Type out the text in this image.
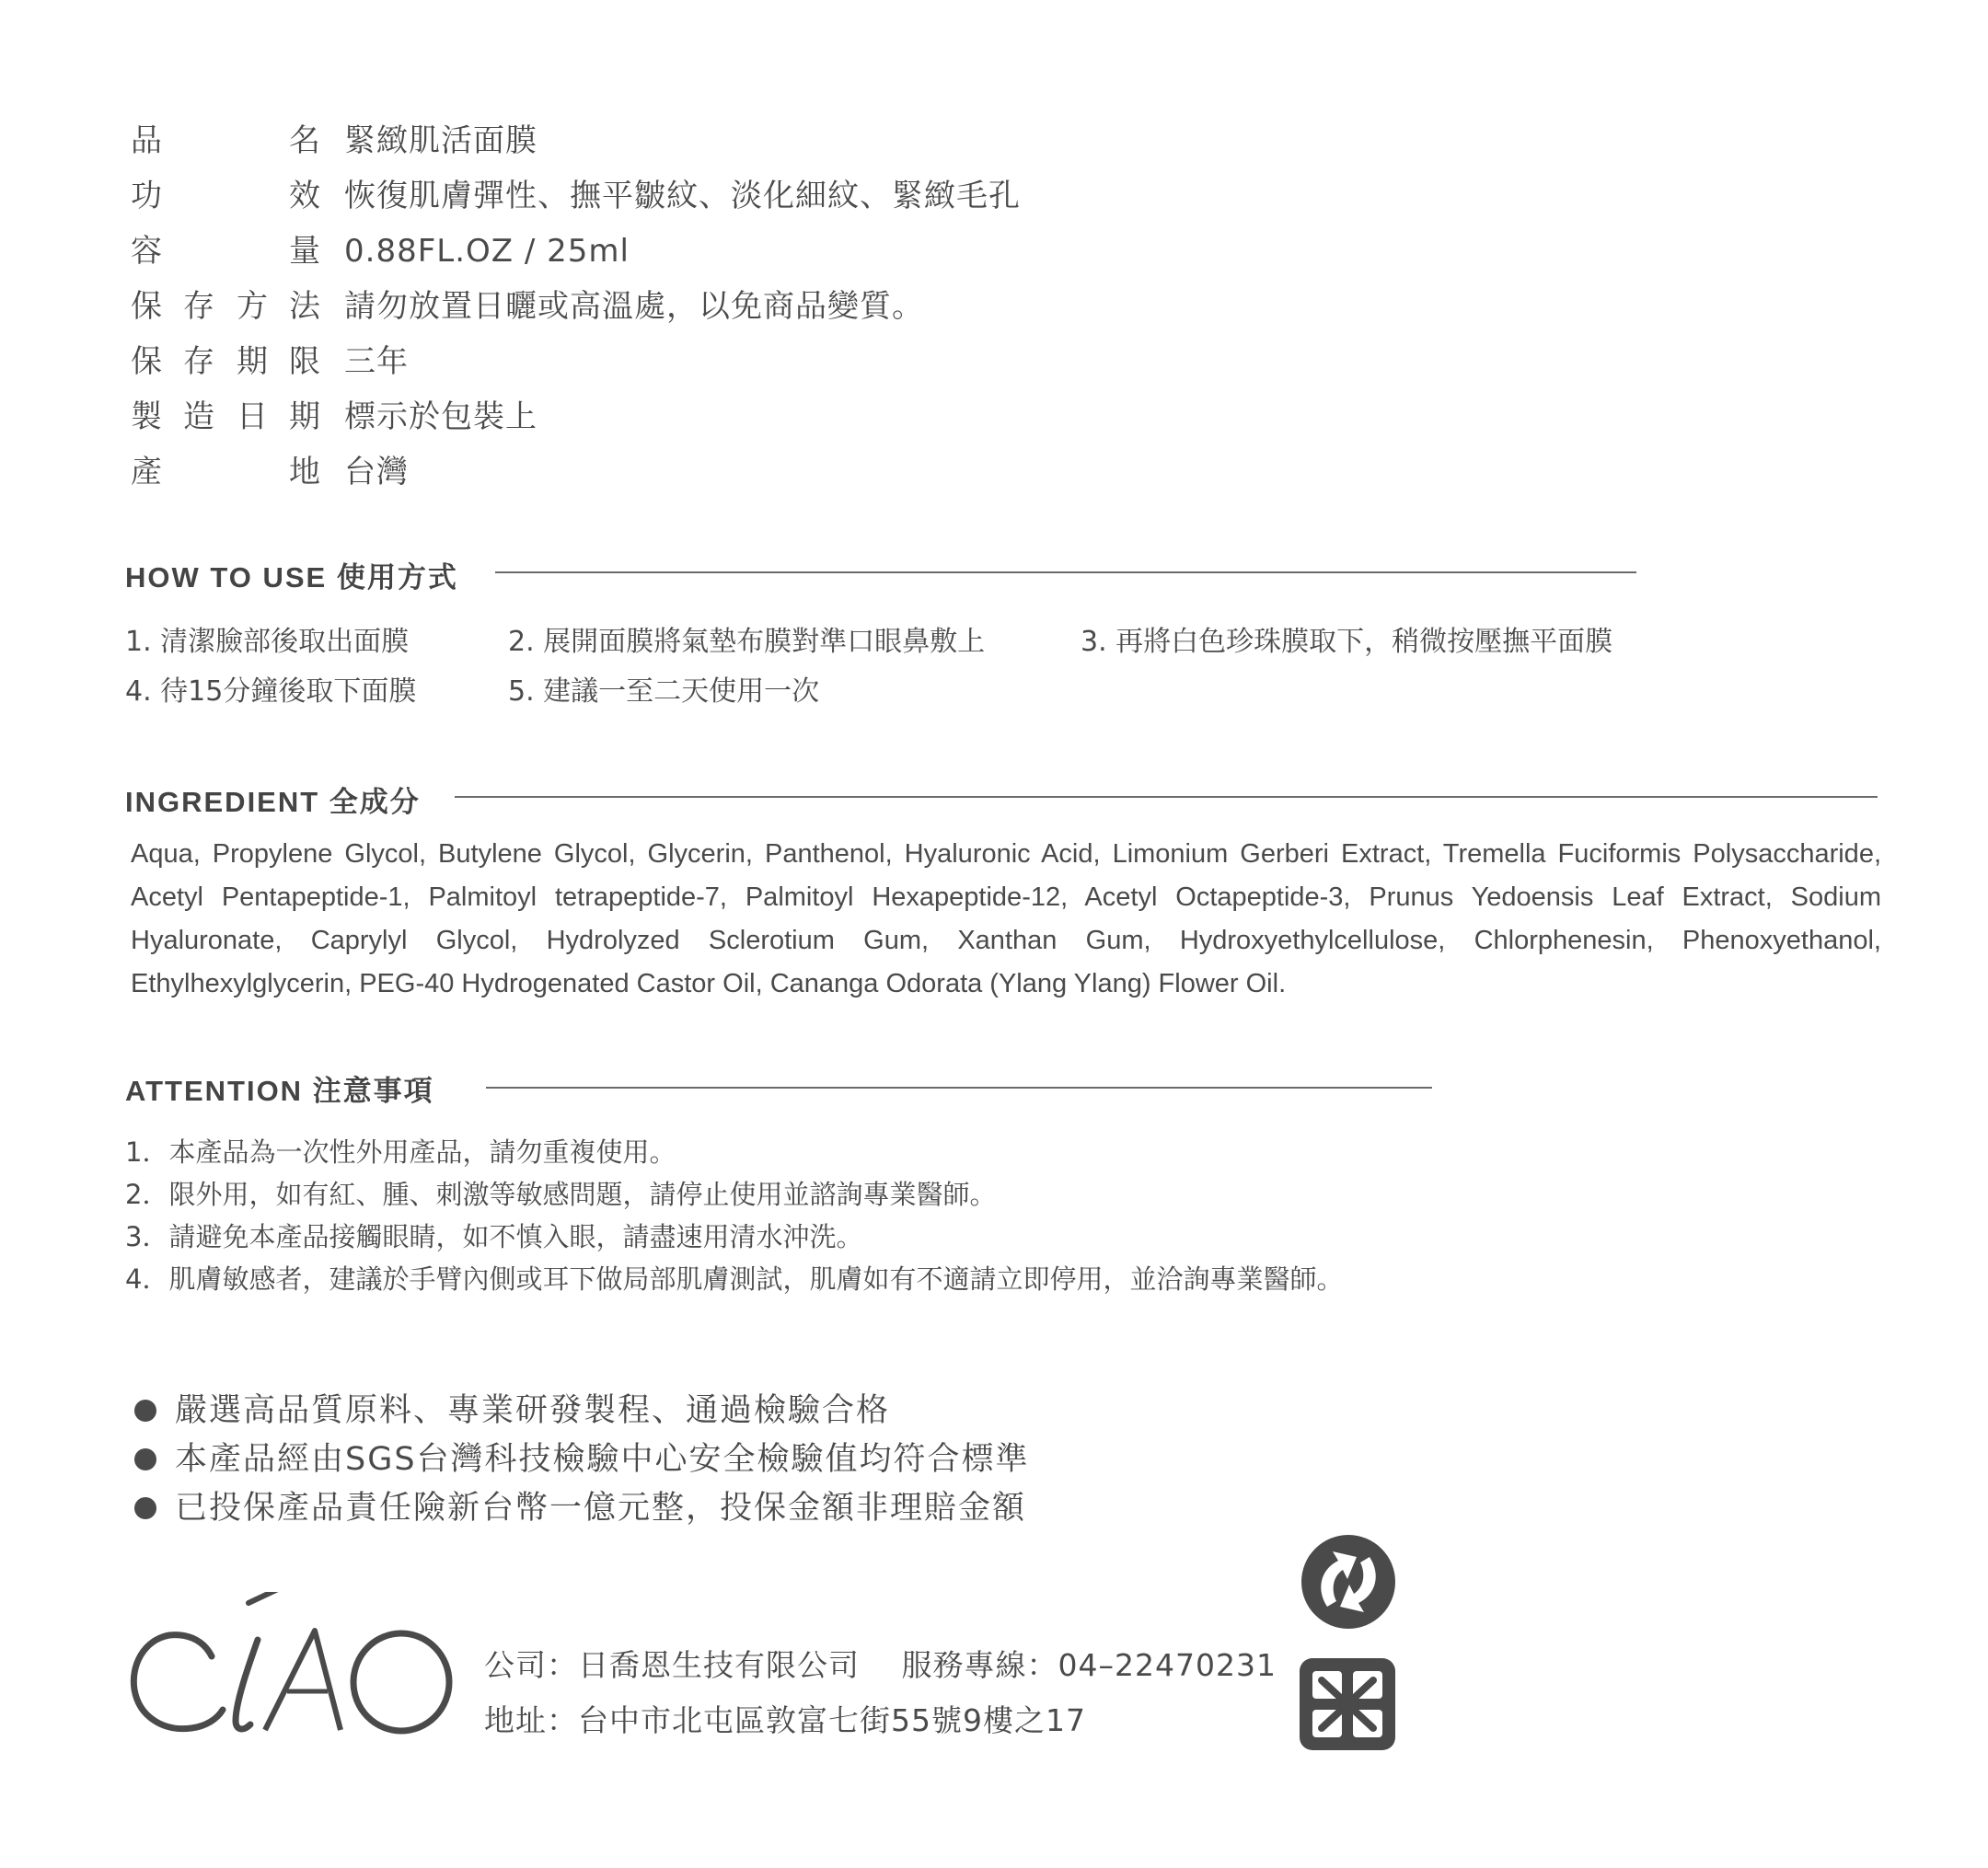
品	名 緊緻肌活面膜
功	效 恢復肌膚彈性、撫平皺紋、淡化細紋、緊緻毛孔
容	量 0.88FL.OZ / 25ml
保 存 方 法 請勿放置日曬或高溫處，以免商品變質。
保 存 期 限 三年
製 造 日 期 標示於包裝上
產	地 台灣
HOW TO USE 使用方式
1. 清潔臉部後取出面膜	2. 展開面膜將氣墊布膜對準口眼鼻敷上	3. 再將白色珍珠膜取下，稍微按壓撫平面膜
4. 待15分鐘後取下面膜	5. 建議一至二天使用一次
INGREDIENT 全成分
Aqua, Propylene Glycol, Butylene Glycol, Glycerin, Panthenol, Hyaluronic Acid, Limonium Gerberi Extract, Tremella Fuciformis Polysaccharide, Acetyl Pentapeptide-1, Palmitoyl tetrapeptide-7, Palmitoyl Hexapeptide-12, Acetyl Octapeptide-3, Prunus Yedoensis Leaf Extract, Sodium Hyaluronate, Caprylyl Glycol, Hydrolyzed Sclerotium Gum, Xanthan Gum, Hydroxyethylcellulose, Chlorphenesin, Phenoxyethanol, Ethylhexylglycerin, PEG-40 Hydrogenated Castor Oil, Cananga Odorata (Ylang Ylang) Flower Oil.
ATTENTION 注意事項
1．本產品為一次性外用產品，請勿重複使用。
2．限外用，如有紅、腫、刺激等敏感問題，請停止使用並諮詢專業醫師。
3．請避免本產品接觸眼睛，如不慎入眼，請盡速用清水沖洗。
4．肌膚敏感者，建議於手臂內側或耳下做局部肌膚測試，肌膚如有不適請立即停用，並洽詢專業醫師。
嚴選高品質原料、專業研發製程、通過檢驗合格
本產品經由SGS台灣科技檢驗中心安全檢驗值均符合標準
已投保產品責任險新台幣一億元整，投保金額非理賠金額
公司：日喬恩生技有限公司　 服務專線：04–22470231
地址：台中市北屯區敦富七街55號9樓之17
